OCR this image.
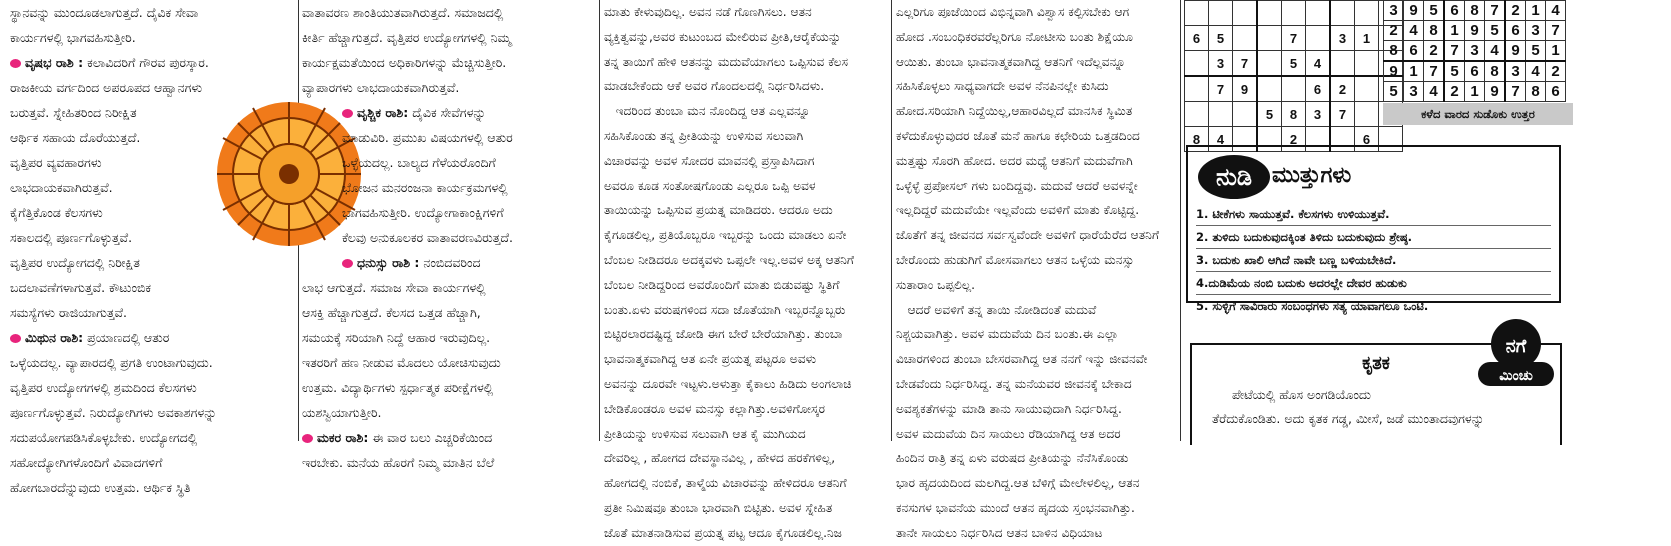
ಸ್ಥಾನವನ್ನು ಮುಂದೂಡಲಾಗುತ್ತದೆ. ದೈವಿಕ ಸೇವಾ

ಕಾರ್ಯಗಳಲ್ಲಿ ಭಾಗವಹಿಸುತ್ತೀರಿ.

ವೃಷಭ ರಾಶಿ : ಕಲಾವಿದರಿಗೆ ಗೌರವ ಪುರಸ್ಕಾರ.

ರಾಜಕೀಯ ವರ್ಗದಿಂದ ಅಪರೂಪದ ಆಹ್ವಾನಗಳು

ಬರುತ್ತವೆ. ಸ್ನೇಹಿತರಿಂದ ನಿರೀಕ್ಷಿತ

ಆರ್ಥಿಕ ಸಹಾಯ ದೊರೆಯುತ್ತದೆ.

ವೃತ್ತಿಪರ ವ್ಯವಹಾರಗಳು

ಲಾಭದಾಯಕವಾಗಿರುತ್ತವೆ.

ಕೈಗೆತ್ತಿಕೊಂಡ ಕೆಲಸಗಳು

ಸಕಾಲದಲ್ಲಿ ಪೂರ್ಣಗೊಳ್ಳುತ್ತವೆ.

ವೃತ್ತಿಪರ ಉದ್ಯೋಗದಲ್ಲಿ ನಿರೀಕ್ಷಿತ

ಬದಲಾವಣೆಗಳಾಗುತ್ತವೆ. ಕೌಟುಂಬಿಕ

ಸಮಸ್ಯೆಗಳು ರಾಜಿಯಾಗುತ್ತವೆ.

ಮಿಥುನ ರಾಶಿ: ಪ್ರಯಾಣದಲ್ಲಿ ಆತುರ

ಒಳ್ಳೆಯದಲ್ಲ. ವ್ಯಾಪಾರದಲ್ಲಿ ಪ್ರಗತಿ ಉಂಟಾಗುವುದು.

ವೃತ್ತಿಪರ ಉದ್ಯೋಗಗಳಲ್ಲಿ ಶ್ರಮದಿಂದ ಕೆಲಸಗಳು

ಪೂರ್ಣಗೊಳ್ಳುತ್ತವೆ. ನಿರುದ್ಯೋಗಿಗಳು ಅವಕಾಶಗಳನ್ನು

ಸದುಪಯೋಗಪಡಿಸಿಕೊಳ್ಳಬೇಕು. ಉದ್ಯೋಗದಲ್ಲಿ

ಸಹೋದ್ಯೋಗಿಗಳೊಂದಿಗೆ ವಿವಾದಗಳಿಗೆ

ಹೋಗಬಾರದೆನ್ನುವುದು ಉತ್ತಮ. ಆರ್ಥಿಕ ಸ್ಥಿತಿ

ವಾತಾವರಣ ಶಾಂತಿಯುತವಾಗಿರುತ್ತದೆ. ಸಮಾಜದಲ್ಲಿ

ಕೀರ್ತಿ ಹೆಚ್ಚಾಗುತ್ತದೆ. ವೃತ್ತಿಪರ ಉದ್ಯೋಗಗಳಲ್ಲಿ ನಿಮ್ಮ

ಕಾರ್ಯಕ್ಷಮತೆಯಿಂದ ಅಧಿಕಾರಿಗಳನ್ನು ಮೆಚ್ಚಿಸುತ್ತೀರಿ.

ವ್ಯಾಪಾರಗಳು ಲಾಭದಾಯಕವಾಗಿರುತ್ತವೆ.

ವೃಶ್ಚಿಕ ರಾಶಿ: ದೈವಿಕ ಸೇವೆಗಳನ್ನು

ಮಾಡುವಿರಿ. ಪ್ರಮುಖ ವಿಷಯಗಳಲ್ಲಿ ಆತುರ

ಒಳ್ಳೆಯದಲ್ಲ. ಬಾಲ್ಯದ ಗೆಳೆಯರೊಂದಿಗೆ

ಭೋಜನ ಮನರಂಜನಾ ಕಾರ್ಯಕ್ರಮಗಳಲ್ಲಿ

ಭಾಗವಹಿಸುತ್ತೀರಿ. ಉದ್ಯೋಗಾಕಾಂಕ್ಷಿಗಳಿಗೆ

ಕೆಲವು ಅನುಕೂಲಕರ ವಾತಾವರಣವಿರುತ್ತದೆ.

ಧನುಸ್ಸು ರಾಶಿ : ನಂಬಿದವರಿಂದ

ಲಾಭ ಆಗುತ್ತದೆ. ಸಮಾಜ ಸೇವಾ ಕಾರ್ಯಗಳಲ್ಲಿ

ಆಸಕ್ತಿ ಹೆಚ್ಚಾಗುತ್ತದೆ. ಕೆಲಸದ ಒತ್ತಡ ಹೆಚ್ಚಾಗಿ,

ಸಮಯಕ್ಕೆ ಸರಿಯಾಗಿ ನಿದ್ದೆ ಆಹಾರ ಇರುವುದಿಲ್ಲ.

ಇತರರಿಗೆ ಹಣ ನೀಡುವ ಮೊದಲು ಯೋಚಿಸುವುದು

ಉತ್ತಮ. ವಿದ್ಯಾರ್ಥಿಗಳು ಸ್ಪರ್ಧಾತ್ಮಕ ಪರೀಕ್ಷೆಗಳಲ್ಲಿ

ಯಶಸ್ವಿಯಾಗುತ್ತೀರಿ.

ಮಕರ ರಾಶಿ: ಈ ವಾರ ಬಲು ಎಚ್ಚರಿಕೆಯಿಂದ

ಇರಬೇಕು. ಮನೆಯ ಹೊರಗೆ ನಿಮ್ಮ ಮಾತಿನ ಬೆಲೆ

ಮಾತು ಕೇಳುವುದಿಲ್ಲ. ಅವನ ನಡೆ ಗೊಣಗಿಸಲು. ಆತನ

ವ್ಯಕ್ತಿತ್ವವನ್ನು,ಅವರ ಕುಟುಂಬದ ಮೇಲಿರುವ ಪ್ರೀತಿ,ಆರೈಕೆಯನ್ನು

ತನ್ನ ತಾಯಿಗೆ ಹೇಳಿ ಆತನನ್ನು ಮದುವೆಯಾಗಲು ಒಪ್ಪಿಸುವ ಕೆಲಸ

ಮಾಡಬೇಕೆಂದು ಆಕೆ ಅವರ ಗೊಂದಲದಲ್ಲಿ ನಿರ್ಧರಿಸಿದಳು.

ಇದರಿಂದ ತುಂಬಾ ಮನ ನೊಂದಿದ್ದ ಆತ ಎಲ್ಲವನ್ನೂ

ಸಹಿಸಿಕೊಂಡು ತನ್ನ ಪ್ರೀತಿಯನ್ನು ಉಳಿಸುವ ಸಲುವಾಗಿ

ವಿಚಾರವನ್ನು ಅವಳ ಸೋದರ ಮಾವನಲ್ಲಿ ಪ್ರಸ್ತಾಪಿಸಿದಾಗ

ಅವರೂ ಕೂಡ ಸಂತೋಷಗೊಂಡು ಎಲ್ಲರೂ ಒಪ್ಪಿ ಅವಳ

ತಾಯಿಯನ್ನು ಒಪ್ಪಿಸುವ ಪ್ರಯತ್ನ ಮಾಡಿದರು. ಆದರೂ ಅದು

ಕೈಗೂಡಲಿಲ್ಲ, ಪ್ರತಿಯೊಬ್ಬರೂ ಇಬ್ಬರನ್ನು ಒಂದು ಮಾಡಲು ಏನೇ

ಬೆಂಬಲ ನೀಡಿದರೂ ಅದಕ್ಕವಳು ಒಪ್ಪಲೇ ಇಲ್ಲ.ಅವಳ ಅಕ್ಕ ಆತನಿಗೆ

ಬೆಂಬಲ ನೀಡಿದ್ದರಿಂದ ಅವರೊಂದಿಗೆ ಮಾತು ಬಿಡುವಷ್ಟು ಸ್ಥಿತಿಗೆ

ಬಂತು.ಏಳು ವರುಷಗಳಿಂದ ಸದಾ ಜೊತೆಯಾಗಿ ಇಬ್ಬರನ್ನೊಬ್ಬರು

ಬಿಟ್ಟಿರಲಾರದಷ್ಟಿದ್ದ ಜೋಡಿ ಈಗ ಬೇರೆ ಬೇರೆಯಾಗಿತ್ತು. ತುಂಬಾ

ಭಾವನಾತ್ಮಕವಾಗಿದ್ದ ಆತ ಏನೇ ಪ್ರಯತ್ನ ಪಟ್ಟರೂ ಅವಳು

ಅವನನ್ನು ದೂರವೇ ಇಟ್ಟಳು.ಅಳುತ್ತಾ ಕೈಕಾಲು ಹಿಡಿದು ಅಂಗಲಾಚಿ

ಬೇಡಿಕೊಂಡರೂ ಅವಳ ಮನಸ್ಸು ಕಲ್ಲಾಗಿತ್ತು.ಅವಳಿಗೋಸ್ಕರ

ಪ್ರೀತಿಯನ್ನು ಉಳಿಸುವ ಸಲುವಾಗಿ ಆತ ಕೈ ಮುಗಿಯದ

ದೇವರಿಲ್ಲ , ಹೋಗದ ದೇವಸ್ಥಾನವಿಲ್ಲ , ಹೇಳದ ಹರಕೆಗಳಿಲ್ಲ,

ಹೋಗದಲ್ಲಿ ನಂಬಿಕೆ, ತಾಳ್ಮೆಯ ವಿಚಾರವನ್ನು ಹೇಳಿದರೂ ಆತನಿಗೆ

ಪ್ರತೀ ನಿಮಿಷವೂ ತುಂಬಾ ಭಾರವಾಗಿ ಬಿಟ್ಟಿತು. ಅವಳ ಸ್ನೇಹಿತ

ಜೊತೆ ಮಾತನಾಡಿಸುವ ಪ್ರಯತ್ನ ಪಟ್ಟ ಆದೂ ಕೈಗೂಡಲಿಲ್ಲ.ನಿಜ

ಎಲ್ಲರಿಗೂ ಪೂಜೆಯಿಂದ ವಿಭಿನ್ನವಾಗಿ ವಿಶ್ವಾಸ ಕಲ್ಪಿಸಬೇಕು ಆಗ

ಹೋದ .ಸಂಬಂಧಿಕರವರೆಲ್ಲರಿಗೂ ನೋಟೀಸು ಬಂತು ಶಿಕ್ಷೆಯೂ

ಆಯಿತು. ತುಂಬಾ ಭಾವನಾತ್ಮಕವಾಗಿದ್ದ ಆತನಿಗೆ ಇದೆಲ್ಲವನ್ನೂ

ಸಹಿಸಿಕೊಳ್ಳಲು ಸಾಧ್ಯವಾಗದೇ ಅವಳ ನೆನಪಿನಲ್ಲೇ ಕುಸಿದು

ಹೋದ.ಸರಿಯಾಗಿ ನಿದ್ದೆಯಿಲ್ಲ,ಆಹಾರವಿಲ್ಲದೆ ಮಾನಸಿಕ ಸ್ಥಿಮಿತ

ಕಳೆದುಕೊಳ್ಳುವುದರ ಜೊತೆ ಮನೆ ಹಾಗೂ ಕಛೇರಿಯ ಒತ್ತಡದಿಂದ

ಮತ್ತಷ್ಟು ಸೊರಗಿ ಹೋದ. ಅದರ ಮಧ್ಯೆ ಆತನಿಗೆ ಮದುವೆಗಾಗಿ

ಒಳ್ಳೆಳ್ಳೆ ಪ್ರಪೋಸಲ್ ಗಳು ಬಂದಿದ್ದವು. ಮದುವೆ ಆದರೆ ಅವಳನ್ನೇ

ಇಲ್ಲದಿದ್ದರೆ ಮದುವೆಯೇ ಇಲ್ಲವೆಂದು ಅವಳಿಗೆ ಮಾತು ಕೊಟ್ಟಿದ್ದ.

ಜೊತೆಗೆ ತನ್ನ ಜೀವನದ ಸರ್ವಸ್ವವೆಂದೇ ಅವಳಿಗೆ ಧಾರೆಯೆರೆದ ಆತನಿಗೆ

ಬೇರೊಂದು ಹುಡುಗಿಗೆ ಮೋಸವಾಗಲು ಆತನ ಒಳ್ಳೆಯ ಮನಸ್ಸು

ಸುತಾರಾಂ ಒಪ್ಪಲಿಲ್ಲ.

ಆದರೆ ಅವಳಿಗೆ ತನ್ನ ತಾಯಿ ನೋಡಿದಂತೆ ಮದುವೆ

ನಿಶ್ಚಯವಾಗಿತ್ತು. ಅವಳ ಮದುವೆಯ ದಿನ ಬಂತು.ಈ ಎಲ್ಲಾ

ವಿಚಾರಗಳಿಂದ ತುಂಬಾ ಬೇಸರವಾಗಿದ್ದ ಆತ ನನಗೆ ಇನ್ನು ಜೀವನವೇ

ಬೇಡವೆಂದು ನಿರ್ಧರಿಸಿದ್ದ. ತನ್ನ ಮನೆಯವರ ಜೀವನಕ್ಕೆ ಬೇಕಾದ

ಅವಶ್ಯಕತೆಗಳನ್ನು ಮಾಡಿ ತಾನು ಸಾಯುವುದಾಗಿ ನಿರ್ಧರಿಸಿದ್ದ.

ಅವಳ ಮದುವೆಯ ದಿನ ಸಾಯಲು ರೆಡಿಯಾಗಿದ್ದ ಆತ ಅದರ

ಹಿಂದಿನ ರಾತ್ರಿ ತನ್ನ ಏಳು ವರುಷದ ಪ್ರೀತಿಯನ್ನು ನೆನೆಸಿಕೊಂಡು

ಭಾರ ಹೃದಯದಿಂದ ಮಲಗಿದ್ದ.ಆತ ಬೆಳಿಗ್ಗೆ ಮೇಲೇಳಲಿಲ್ಲ, ಆತನ

ಕನಸುಗಳ ಭಾವನೆಯ ಮುಂದೆ ಆತನ ಹೃದಯ ಸ್ತಂಭನವಾಗಿತ್ತು.

ತಾನೇ ಸಾಯಲು ನಿರ್ಧರಿಸಿದ ಆತನ ಬಾಳಿನ ವಿಧಿಯಾಟ

6	5			7		3	1	
	3	7		5	4			
	7	9			6	2		
			5	8	3	7		
8	4			2			6	
3	9	5	6	8	7	2	1	4
2	4	8	1	9	5	6	3	7
8	6	2	7	3	4	9	5	1
9	1	7	5	6	8	3	4	2
5	3	4	2	1	9	7	8	6
ಕಳೆದ ವಾರದ ಸುಡೊಕು ಉತ್ತರ
ನುಡಿ ಮುತ್ತುಗಳು
1. ಟೀಕೆಗಳು ಸಾಯುತ್ತವೆ. ಕೆಲಸಗಳು ಉಳಿಯುತ್ತವೆ.
2. ತುಳಿದು ಬದುಕುವುದಕ್ಕಿಂತ ತಿಳಿದು ಬದುಕುವುದು ಶ್ರೇಷ್ಠ.
3. ಬದುಕು ಖಾಲಿ ಆಗಿದೆ ನಾವೇ ಬಣ್ಣ ಬಳಿಯಬೇಕಿದೆ.
4.ದುಡಿಮೆಯ ನಂಬಿ ಬದುಕು ಅದರಲ್ಲೇ ದೇವರ ಹುಡುಕು
5. ಸುಳ್ಳಿಗೆ ಸಾವಿರಾರು ಸಂಬಂಧಗಳು ಸತ್ಯ ಯಾವಾಗಲೂ ಒಂಟಿ.
ಕೃತಕ
ಪೇಟೆಯಲ್ಲಿ ಹೊಸ ಅಂಗಡಿಯೊಂದು
ತೆರೆದುಕೊಂಡಿತು. ಅದು ಕೃತಕ ಗಡ್ಡ, ಮೀಸೆ, ಜಡೆ ಮುಂತಾದವುಗಳನ್ನು
ನಗೆ
ಮಿಂಚು
